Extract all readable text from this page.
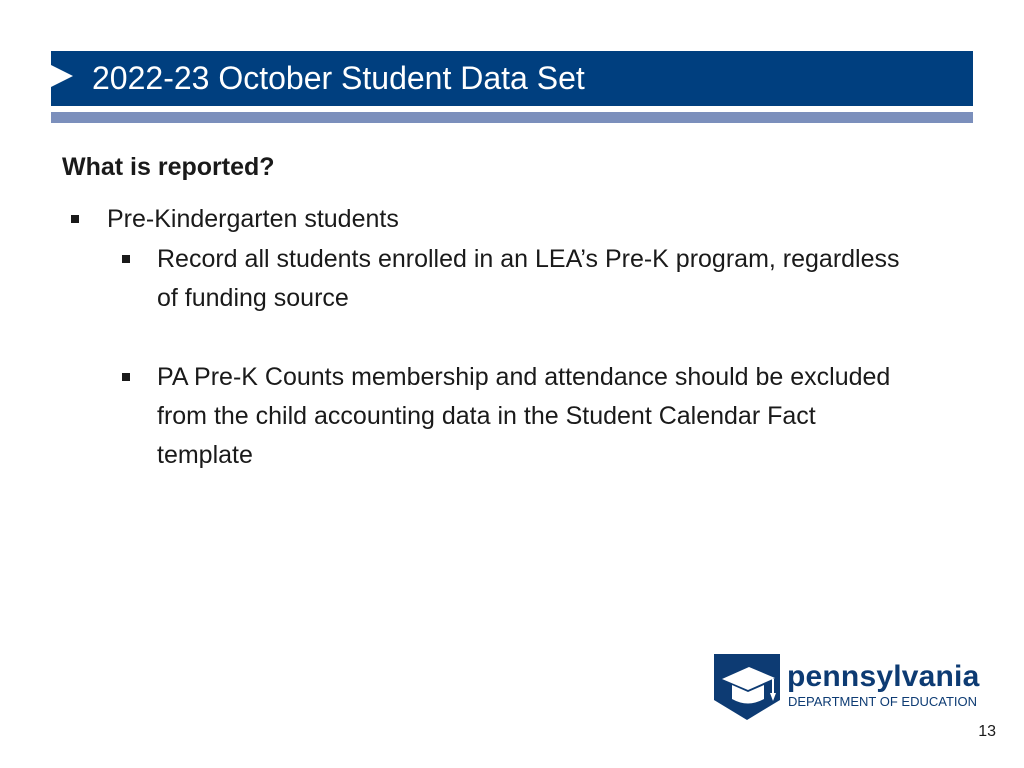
2022-23 October Student Data Set
What is reported?
Pre-Kindergarten students
Record all students enrolled in an LEA’s Pre-K program, regardless of funding source
PA Pre-K Counts membership and attendance should be excluded from the child accounting data in the Student Calendar Fact template
pennsylvania
DEPARTMENT OF EDUCATION
13
